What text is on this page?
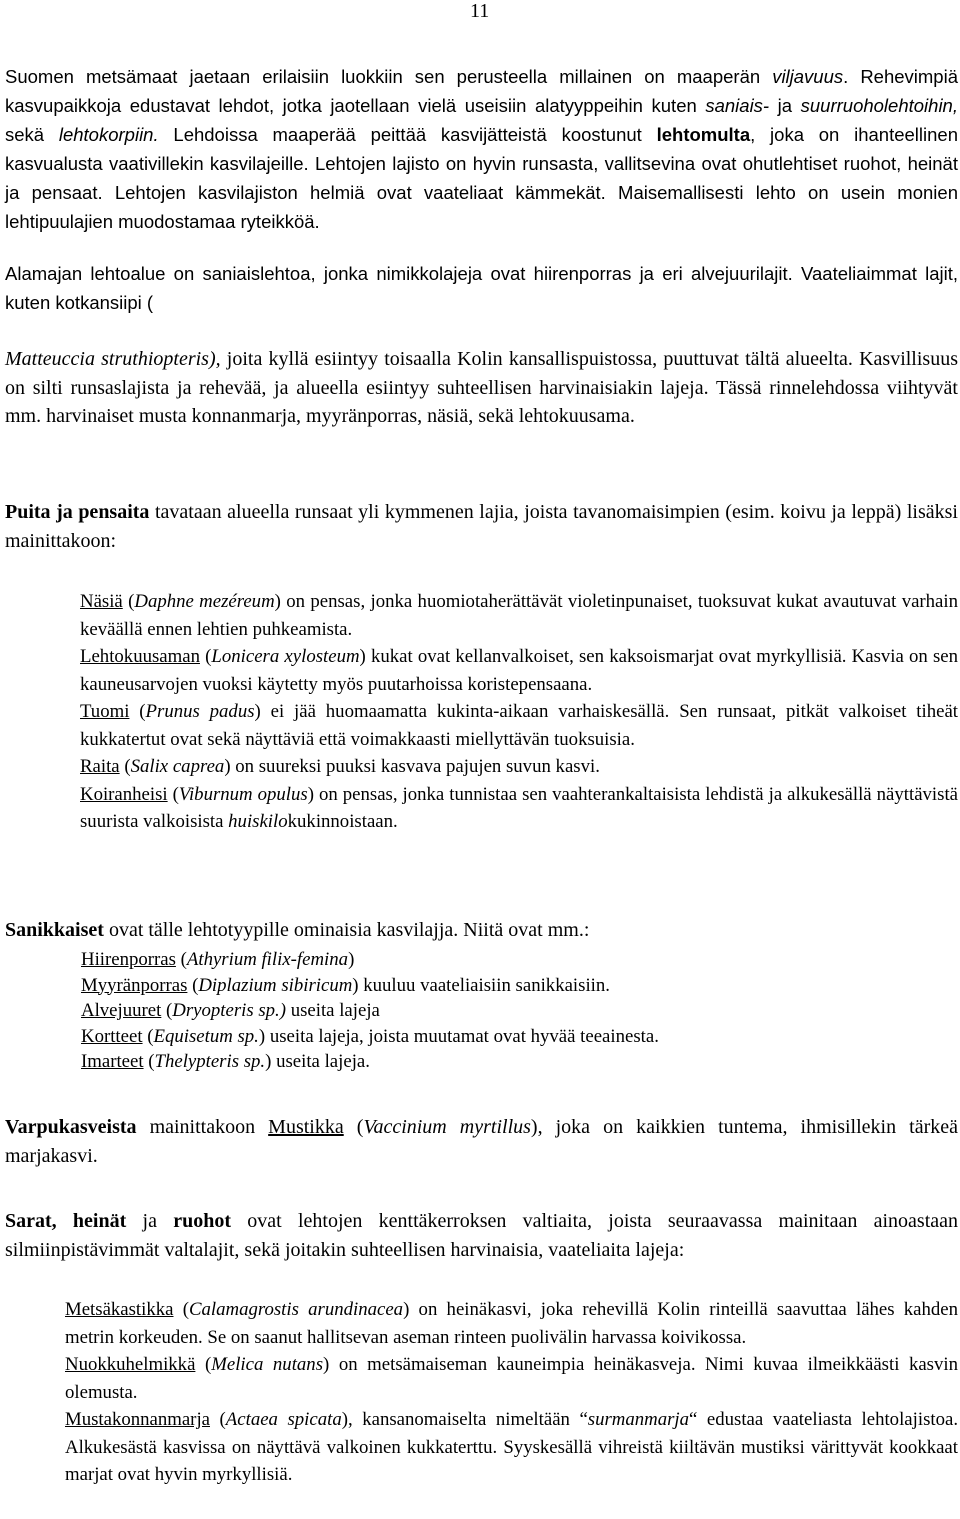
11

Suomen metsämaat jaetaan erilaisiin luokkiin sen perusteella millainen on maaperän viljavuus. Rehevimpiä kasvupaikkoja edustavat lehdot, jotka jaotellaan vielä useisiin alatyyppeihin kuten saniais- ja suurruoholehtoihin, sekä lehtokorpiin. Lehdoissa maaperää peittää kasvijätteistä koostunut lehtomulta, joka on ihanteellinen kasvualusta vaativillekin kasvilajeille. Lehtojen lajisto on hyvin runsasta, vallitsevina ovat ohutlehtiset ruohot, heinät ja pensaat. Lehtojen kasvilajiston helmiä ovat vaateliaat kämmekät. Maisemallisesti lehto on usein monien lehtipuulajien muodostamaa ryteikköä.

Alamajan lehtoalue on saniaislehtoa, jonka nimikkolajeja ovat hiirenporras ja eri alvejuurilajit. Vaateliaimmat lajit, kuten kotkansiipi (

Matteuccia struthiopteris), joita kyllä esiintyy toisaalla Kolin kansallispuistossa, puuttuvat tältä alueelta. Kasvillisuus on silti runsaslajista ja rehevää, ja alueella esiintyy suhteellisen harvinaisiakin lajeja. Tässä rinnelehdossa viihtyvät mm. harvinaiset musta konnanmarja, myyränporras, näsiä, sekä lehtokuusama.

Puita ja pensaita tavataan alueella runsaat yli kymmenen lajia, joista tavanomaisimpien (esim. koivu ja leppä) lisäksi mainittakoon:

Näsiä (Daphne mezéreum) on pensas, jonka huomiotaherättävät violetinpunaiset, tuoksuvat kukat avautuvat varhain keväällä ennen lehtien puhkeamista.

Lehtokuusaman (Lonicera xylosteum) kukat ovat kellanvalkoiset, sen kaksoismarjat ovat myrkyllisiä. Kasvia on sen kauneusarvojen vuoksi käytetty myös puutarhoissa koristepensaana.

Tuomi (Prunus padus) ei jää huomaamatta kukinta-aikaan varhaiskesällä. Sen runsaat, pitkät valkoiset tiheät kukkatertut ovat sekä näyttäviä että voimakkaasti miellyttävän tuoksuisia.

Raita (Salix caprea) on suureksi puuksi kasvava pajujen suvun kasvi.

Koiranheisi (Viburnum opulus) on pensas, jonka tunnistaa sen vaahterankaltaisista lehdistä ja alkukesällä näyttävistä suurista valkoisista huiskilokukinnoistaan.

Sanikkaiset ovat tälle lehtotyypille ominaisia kasvilajja. Niitä ovat mm.:

Hiirenporras (Athyrium filix-femina)

Myyränporras (Diplazium sibiricum) kuuluu vaateliaisiin sanikkaisiin.

Alvejuuret (Dryopteris sp.) useita lajeja

Kortteet (Equisetum sp.) useita lajeja, joista muutamat ovat hyvää teeainesta.

Imarteet (Thelypteris sp.) useita lajeja.

Varpukasveista mainittakoon Mustikka (Vaccinium myrtillus), joka on kaikkien tuntema, ihmisillekin tärkeä marjakasvi.

Sarat, heinät ja ruohot ovat lehtojen kenttäkerroksen valtiaita, joista seuraavassa mainitaan ainoastaan silmiinpistävimmät valtalajit, sekä joitakin suhteellisen harvinaisia, vaateliaita lajeja:

Metsäkastikka (Calamagrostis arundinacea) on heinäkasvi, joka rehevillä Kolin rinteillä saavuttaa lähes kahden metrin korkeuden. Se on saanut hallitsevan aseman rinteen puolivälin harvassa koivikossa.

Nuokkuhelmikkä (Melica nutans) on metsämaiseman kauneimpia heinäkasveja. Nimi kuvaa ilmeikkäästi kasvin olemusta.

Mustakonnanmarja (Actaea spicata), kansanomaiselta nimeltään “surmanmarja“ edustaa vaateliasta lehtolajistoa. Alkukesästä kasvissa on näyttävä valkoinen kukkaterttu. Syyskesällä vihreistä kiiltävän mustiksi värittyvät kookkaat marjat ovat hyvin myrkyllisiä.
